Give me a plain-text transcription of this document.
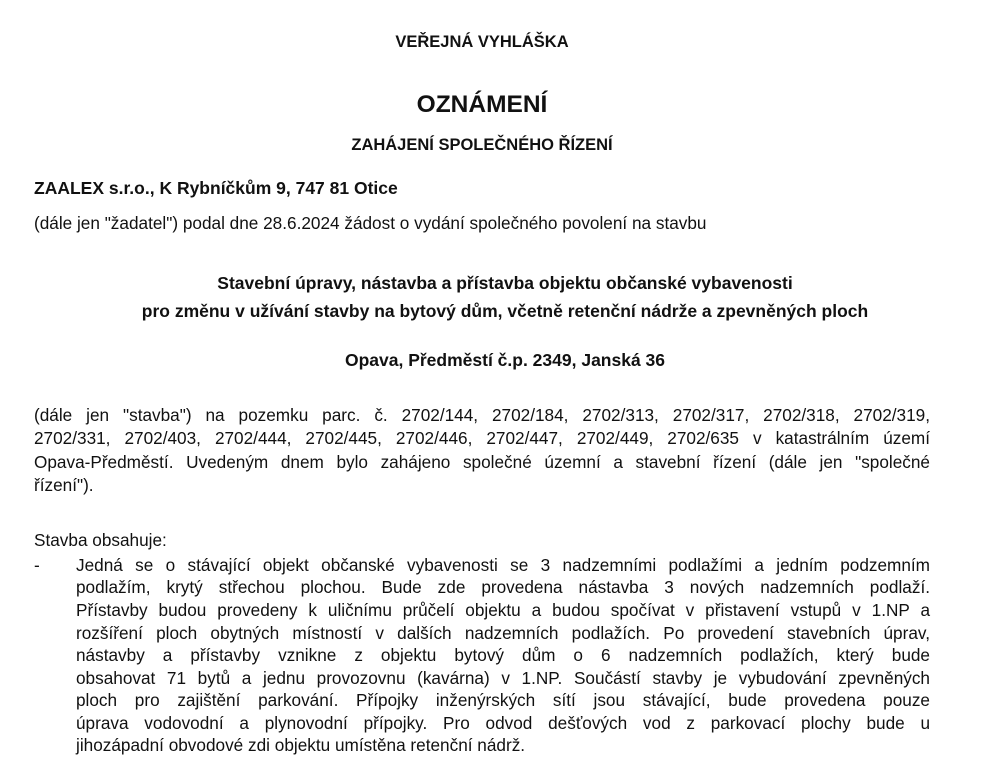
VEŘEJNÁ VYHLÁŠKA
OZNÁMENÍ
ZAHÁJENÍ SPOLEČNÉHO ŘÍZENÍ
ZAALEX s.r.o., K Rybníčkům 9, 747 81 Otice
(dále jen "žadatel") podal dne 28.6.2024 žádost o vydání společného povolení na stavbu
Stavební úpravy, nástavba a přístavba objektu občanské vybavenosti
pro změnu v užívání stavby na bytový dům, včetně retenční nádrže a zpevněných ploch
Opava, Předměstí č.p. 2349, Janská 36
(dále jen "stavba") na pozemku parc. č. 2702/144, 2702/184, 2702/313, 2702/317, 2702/318, 2702/319,
2702/331, 2702/403, 2702/444, 2702/445, 2702/446, 2702/447, 2702/449, 2702/635 v katastrálním území
Opava-Předměstí. Uvedeným dnem bylo zahájeno společné územní a stavební řízení (dále jen "společné
řízení").
Stavba obsahuje:
- Jedná se o stávající objekt občanské vybavenosti se 3 nadzemními podlažími a jedním podzemním
podlažím, krytý střechou plochou. Bude zde provedena nástavba 3 nových nadzemních podlaží.
Přístavby budou provedeny k uličnímu průčelí objektu a budou spočívat v přistavení vstupů v 1.NP a
rozšíření ploch obytných místností v dalších nadzemních podlažích. Po provedení stavebních úprav,
nástavby a přístavby vznikne z objektu bytový dům o 6 nadzemních podlažích, který bude
obsahovat 71 bytů a jednu provozovnu (kavárna) v 1.NP. Součástí stavby je vybudování zpevněných
ploch pro zajištění parkování. Přípojky inženýrských sítí jsou stávající, bude provedena pouze
úprava vodovodní a plynovodní přípojky. Pro odvod dešťových vod z parkovací plochy bude u
jihozápadní obvodové zdi objektu umístěna retenční nádrž.
